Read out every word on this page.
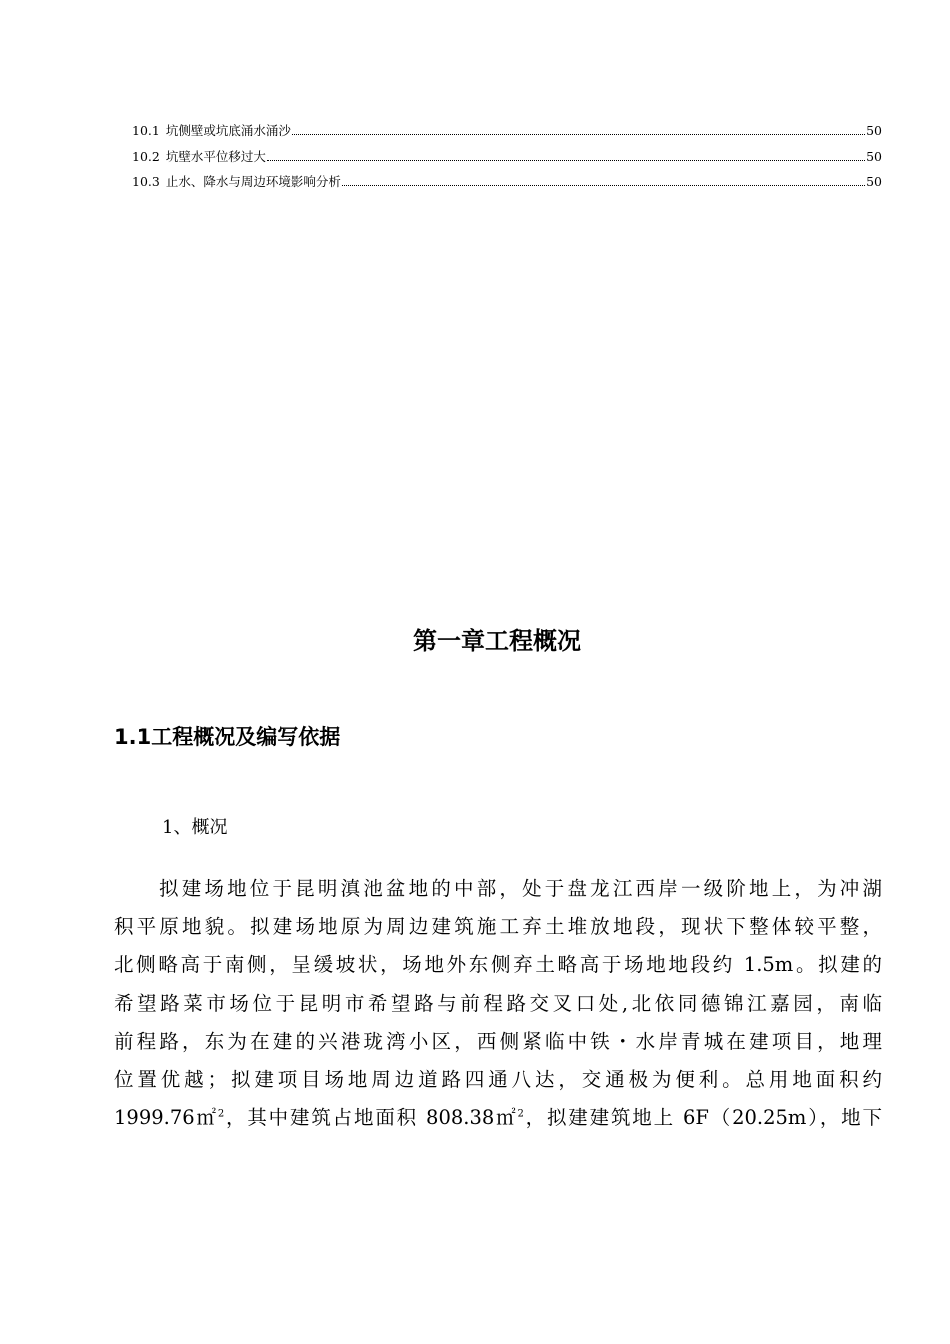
10.1 坑侧壁或坑底涌水涌沙	50
10.2 坑壁水平位移过大	50
10.3 止水、降水与周边环境影响分析	50
第一章工程概况
1.1工程概况及编写依据
1、概况
拟建场地位于昆明滇池盆地的中部，处于盘龙江西岸一级阶地上，为冲湖
积平原地貌。拟建场地原为周边建筑施工弃土堆放地段，现状下整体较平整，
北侧略高于南侧，呈缓坡状，场地外东侧弃土略高于场地地段约 1.5m。拟建的
希望路菜市场位于昆明市希望路与前程路交叉口处,北依同德锦江嘉园，南临
前程路，东为在建的兴港珑湾小区，西侧紧临中铁・水岸青城在建项目，地理
位置优越；拟建项目场地周边道路四通八达，交通极为便利。总用地面积约
1999.76㎡$^2$，其中建筑占地面积 808.38㎡$^2$，拟建建筑地上 6F（20.25m），地下
